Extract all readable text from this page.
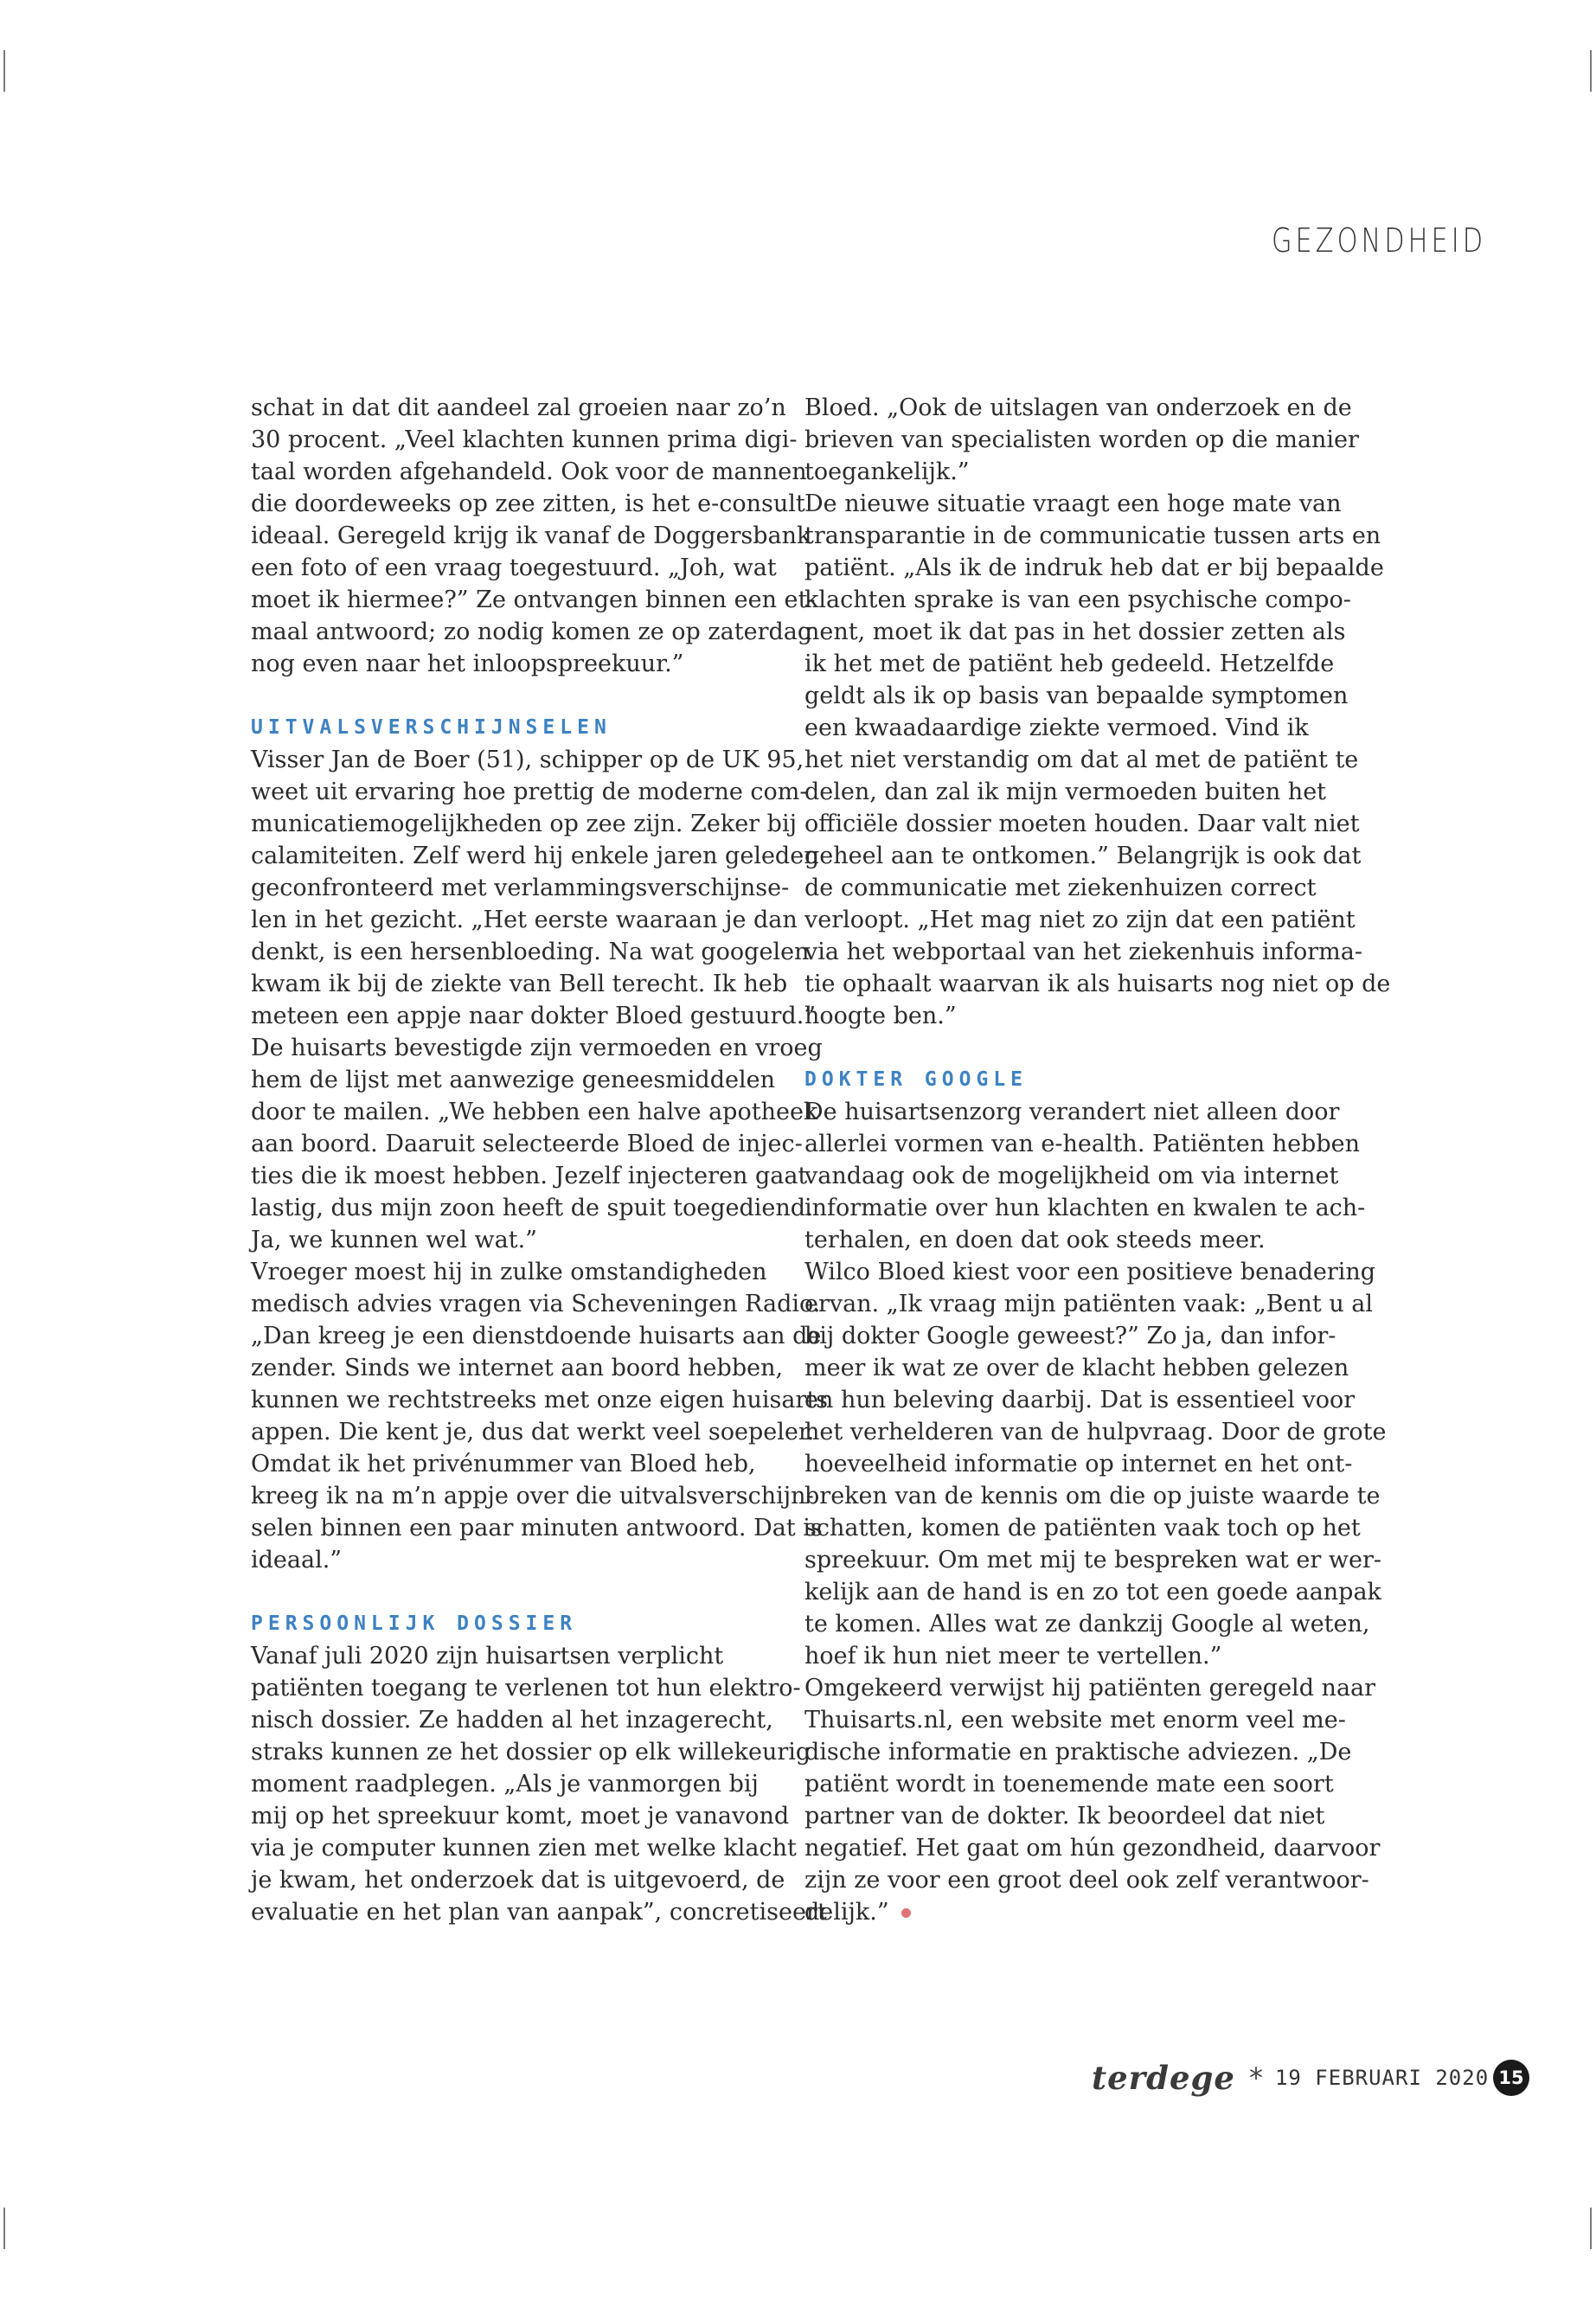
GEZONDHEID
schat in dat dit aandeel zal groeien naar zo’n
30 procent. „Veel klachten kunnen prima digi-
taal worden afgehandeld. Ook voor de mannen
die doordeweeks op zee zitten, is het e-consult
ideaal. Geregeld krijg ik vanaf de Doggersbank
een foto of een vraag toegestuurd. „Joh, wat
moet ik hiermee?” Ze ontvangen binnen een et-
maal antwoord; zo nodig komen ze op zaterdag
nog even naar het inloopspreekuur.”
UITVALSVERSCHIJNSELEN
Visser Jan de Boer (51), schipper op de UK 95,
weet uit ervaring hoe prettig de moderne com-
municatiemogelijkheden op zee zijn. Zeker bij
calamiteiten. Zelf werd hij enkele jaren geleden
geconfronteerd met verlammingsverschijnse-
len in het gezicht. „Het eerste waaraan je dan
denkt, is een hersenbloeding. Na wat googelen
kwam ik bij de ziekte van Bell terecht. Ik heb
meteen een appje naar dokter Bloed gestuurd.”
De huisarts bevestigde zijn vermoeden en vroeg
hem de lijst met aanwezige geneesmiddelen
door te mailen. „We hebben een halve apotheek
aan boord. Daaruit selecteerde Bloed de injec-
ties die ik moest hebben. Jezelf injecteren gaat
lastig, dus mijn zoon heeft de spuit toegediend.
Ja, we kunnen wel wat.”
Vroeger moest hij in zulke omstandigheden
medisch advies vragen via Scheveningen Radio.
„Dan kreeg je een dienstdoende huisarts aan de
zender. Sinds we internet aan boord hebben,
kunnen we rechtstreeks met onze eigen huisarts
appen. Die kent je, dus dat werkt veel soepeler.
Omdat ik het privénummer van Bloed heb,
kreeg ik na m’n appje over die uitvalsverschijn-
selen binnen een paar minuten antwoord. Dat is
ideaal.”
PERSOONLIJK DOSSIER
Vanaf juli 2020 zijn huisartsen verplicht
patiënten toegang te verlenen tot hun elektro-
nisch dossier. Ze hadden al het inzagerecht,
straks kunnen ze het dossier op elk willekeurig
moment raadplegen. „Als je vanmorgen bij
mij op het spreekuur komt, moet je vanavond
via je computer kunnen zien met welke klacht
je kwam, het onderzoek dat is uitgevoerd, de
evaluatie en het plan van aanpak”, concretiseert
Bloed. „Ook de uitslagen van onderzoek en de
brieven van specialisten worden op die manier
toegankelijk.”
De nieuwe situatie vraagt een hoge mate van
transparantie in de communicatie tussen arts en
patiënt. „Als ik de indruk heb dat er bij bepaalde
klachten sprake is van een psychische compo-
nent, moet ik dat pas in het dossier zetten als
ik het met de patiënt heb gedeeld. Hetzelfde
geldt als ik op basis van bepaalde symptomen
een kwaadaardige ziekte vermoed. Vind ik
het niet verstandig om dat al met de patiënt te
delen, dan zal ik mijn vermoeden buiten het
officiële dossier moeten houden. Daar valt niet
geheel aan te ontkomen.” Belangrijk is ook dat
de communicatie met ziekenhuizen correct
verloopt. „Het mag niet zo zijn dat een patiënt
via het webportaal van het ziekenhuis informa-
tie ophaalt waarvan ik als huisarts nog niet op de
hoogte ben.”
DOKTER GOOGLE
De huisartsenzorg verandert niet alleen door
allerlei vormen van e-health. Patiënten hebben
vandaag ook de mogelijkheid om via internet
informatie over hun klachten en kwalen te ach-
terhalen, en doen dat ook steeds meer.
Wilco Bloed kiest voor een positieve benadering
ervan. „Ik vraag mijn patiënten vaak: „Bent u al
bij dokter Google geweest?” Zo ja, dan infor-
meer ik wat ze over de klacht hebben gelezen
en hun beleving daarbij. Dat is essentieel voor
het verhelderen van de hulpvraag. Door de grote
hoeveelheid informatie op internet en het ont-
breken van de kennis om die op juiste waarde te
schatten, komen de patiënten vaak toch op het
spreekuur. Om met mij te bespreken wat er wer-
kelijk aan de hand is en zo tot een goede aanpak
te komen. Alles wat ze dankzij Google al weten,
hoef ik hun niet meer te vertellen.”
Omgekeerd verwijst hij patiënten geregeld naar
Thuisarts.nl, een website met enorm veel me-
dische informatie en praktische adviezen. „De
patiënt wordt in toenemende mate een soort
partner van de dokter. Ik beoordeel dat niet
negatief. Het gaat om hún gezondheid, daarvoor
zijn ze voor een groot deel ook zelf verantwoor-
delijk.”
terdege * 19 FEBRUARI 2020 15
